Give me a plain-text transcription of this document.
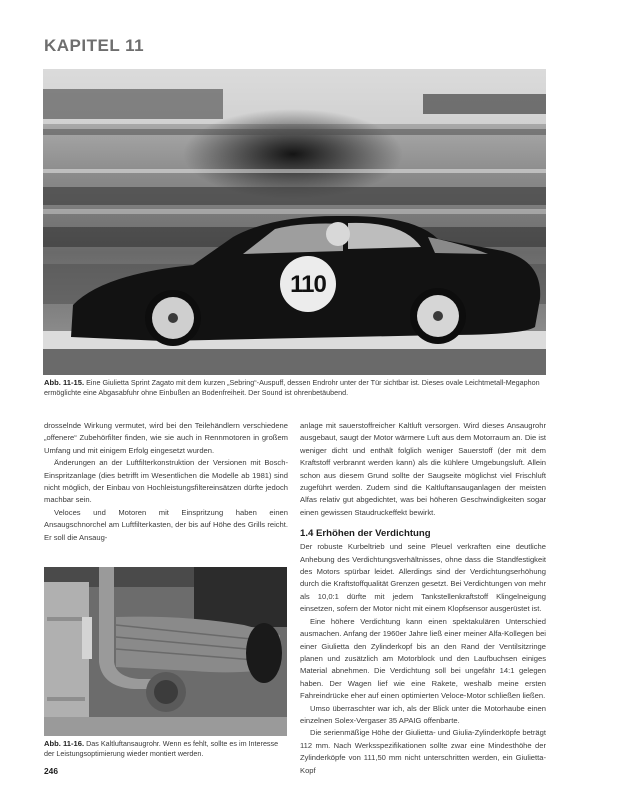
KAPITEL 11
110
Abb. 11-15. Eine Giulietta Sprint Zagato mit dem kurzen „Sebring“-Auspuff, dessen Endrohr unter der Tür sichtbar ist. Dieses ovale Leichtmetall-Megaphon ermöglichte eine Abgasabfuhr ohne Einbußen an Bodenfreiheit. Der Sound ist ohrenbetäubend.

drosselnde Wirkung vermutet, wird bei den Teilehändlern verschiedene „offenere“ Zubehörfilter finden, wie sie auch in Rennmotoren in großem Umfang und mit einigem Erfolg eingesetzt wurden.

Änderungen an der Luftfilterkonstruktion der Versionen mit Bosch-Einspritzanlage (dies betrifft im Wesentlichen die Modelle ab 1981) sind nicht möglich, der Einbau von Hochleistungsfiltereinsätzen dürfte jedoch machbar sein.

Veloces und Motoren mit Einspritzung haben einen Ansaugschnorchel am Luftfilterkasten, der bis auf Höhe des Grills reicht. Er soll die Ansaug-

Abb. 11-16. Das Kaltluftansaugrohr. Wenn es fehlt, sollte es im Interesse der Leistungsoptimierung wieder montiert werden.
246

anlage mit sauerstoffreicher Kaltluft versorgen. Wird dieses Ansaugrohr ausgebaut, saugt der Motor wärmere Luft aus dem Motorraum an. Die ist weniger dicht und enthält folglich weniger Sauerstoff (der mit dem Kraftstoff verbrannt werden kann) als die kühlere Umgebungsluft. Allein schon aus diesem Grund sollte der Saugseite möglichst viel Frischluft zugeführt werden. Zudem sind die Kaltluftansauganlagen der meisten Alfas relativ gut abgedichtet, was bei höheren Geschwindigkeiten sogar einen gewissen Staudruckeffekt bewirkt.

1.4 Erhöhen der Verdichtung

Der robuste Kurbeltrieb und seine Pleuel verkraften eine deutliche Anhebung des Verdichtungsverhältnisses, ohne dass die Standfestigkeit des Motors spürbar leidet. Allerdings sind der Verdichtungserhöhung durch die Kraftstoffqualität Grenzen gesetzt. Bei Verdichtungen von mehr als 10,0:1 dürfte mit jedem Tankstellenkraftstoff Klingelneigung einsetzen, sofern der Motor nicht mit einem Klopfsensor ausgerüstet ist.

Eine höhere Verdichtung kann einen spektakulären Unterschied ausmachen. Anfang der 1960er Jahre ließ einer meiner Alfa-Kollegen bei einer Giulietta den Zylinderkopf bis an den Rand der Ventilsitzringe planen und zusätzlich am Motorblock und den Laufbuchsen einiges Material abnehmen. Die Verdichtung soll bei ungefähr 14:1 gelegen haben. Der Wagen lief wie eine Rakete, weshalb meine ersten Fahreindrücke eher auf einen optimierten Veloce-Motor schließen ließen.

Umso überraschter war ich, als der Blick unter die Motorhaube einen einzelnen Solex-Vergaser 35 APAIG offenbarte.

Die serienmäßige Höhe der Giulietta- und Giulia-Zylinderköpfe beträgt 112 mm. Nach Werksspezifikationen sollte zwar eine Mindesthöhe der Zylinderköpfe von 111,50 mm nicht unterschritten werden, ein Giulietta-Kopf
